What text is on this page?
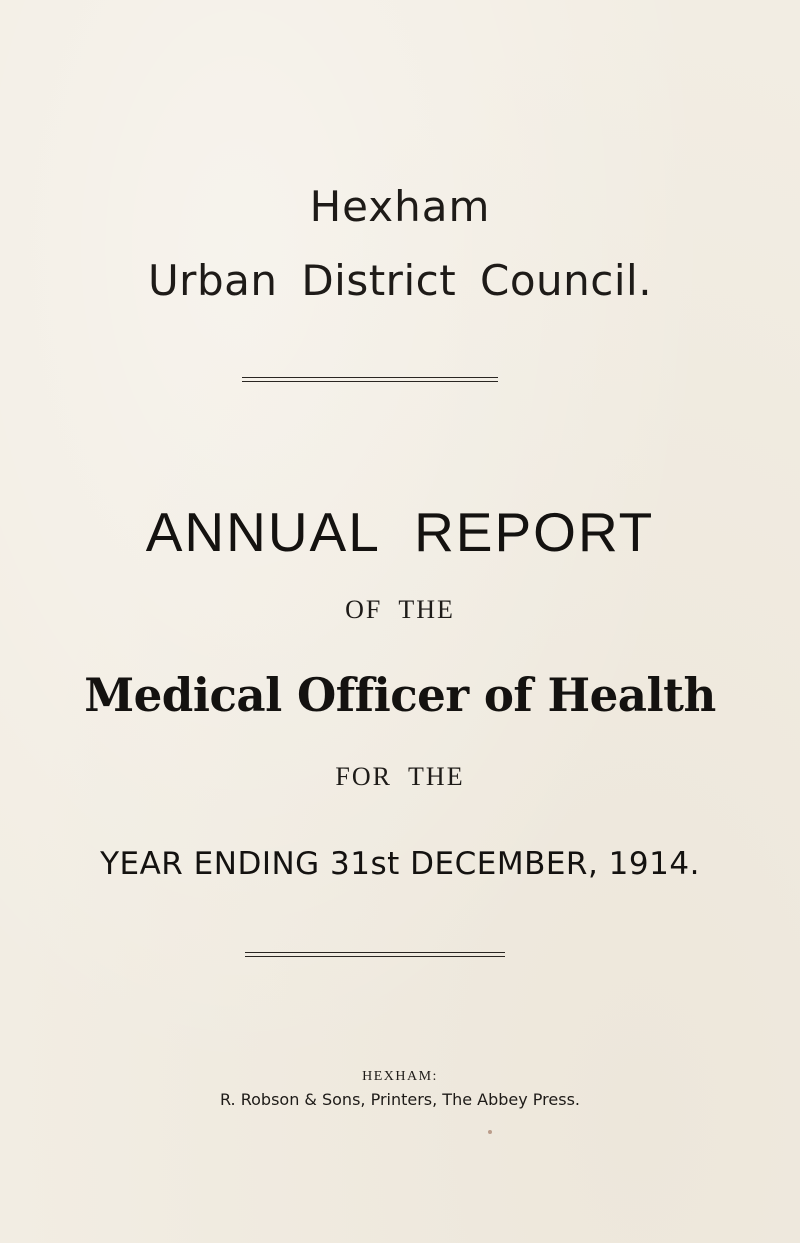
Hexham
Urban District Council.
ANNUAL REPORT
OF THE
Medical Officer of Health
FOR THE
YEAR ENDING 31st DECEMBER, 1914.
HEXHAM:
R. Robson & Sons, Printers, The Abbey Press.
